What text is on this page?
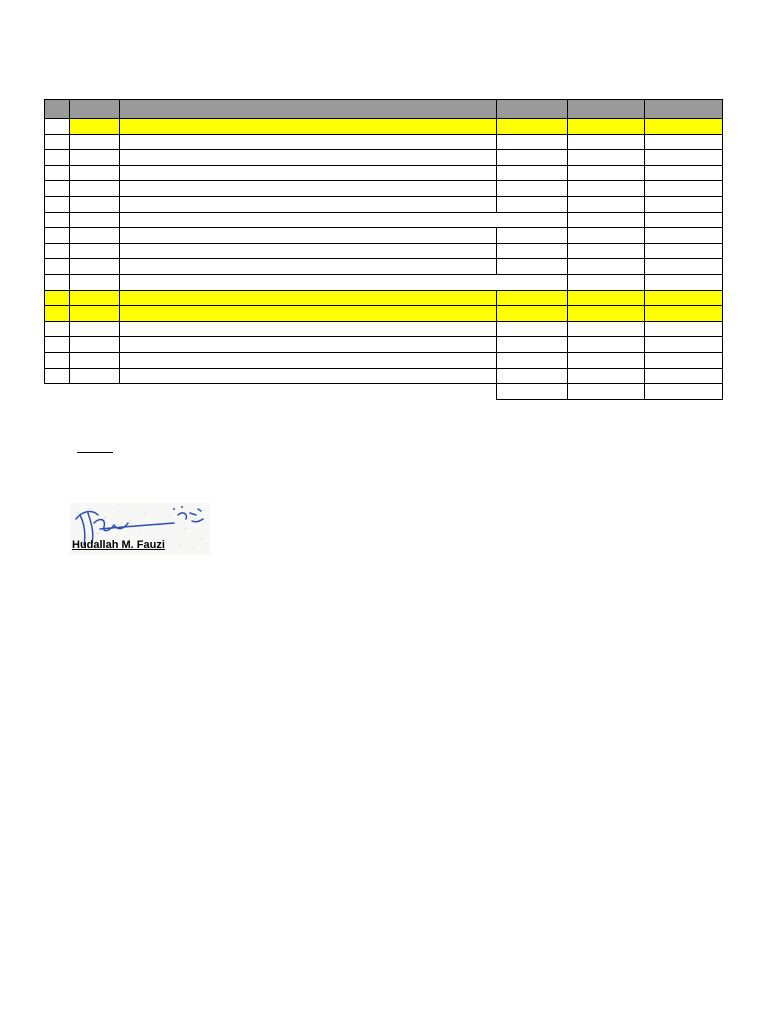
Hudallah M. Fauzi
